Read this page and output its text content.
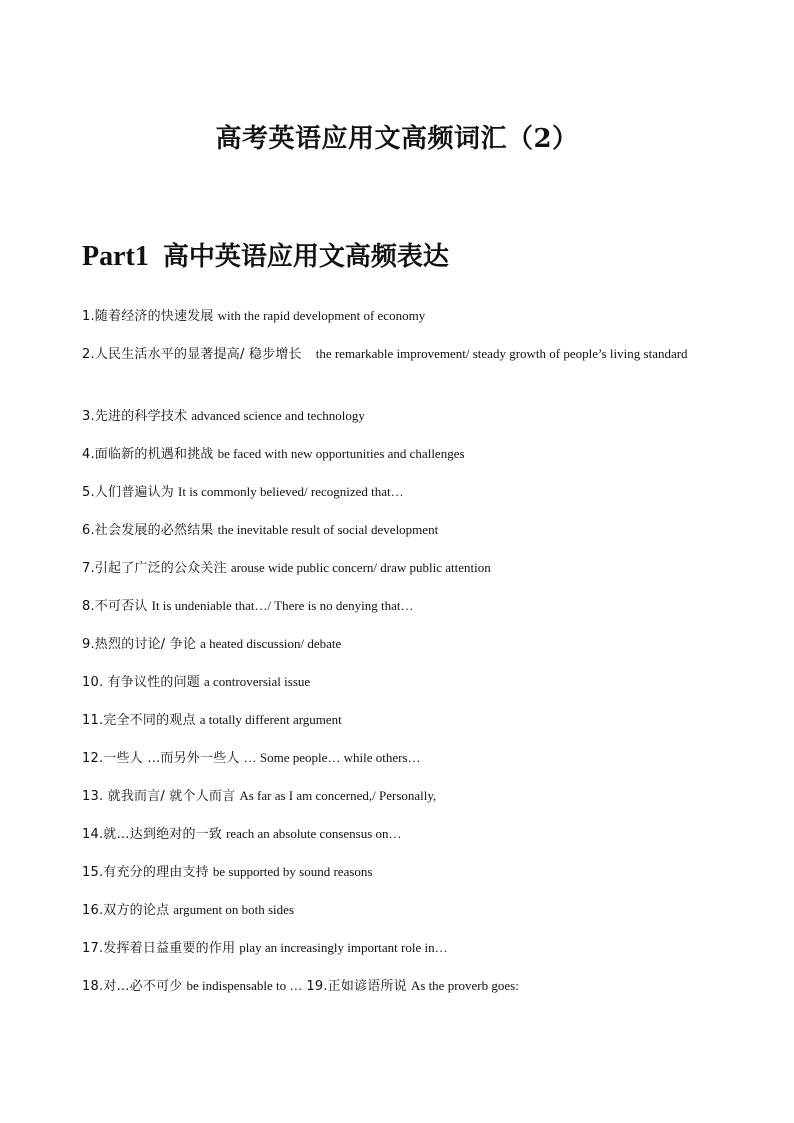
高考英语应用文高频词汇（2）
Part1 高中英语应用文高频表达
1.随着经济的快速发展 with the rapid development of economy
2.人民生活水平的显著提高/ 稳步增长 the remarkable improvement/ steady growth of people’s living standard
3.先进的科学技术 advanced science and technology
4.面临新的机遇和挑战 be faced with new opportunities and challenges
5.人们普遍认为 It is commonly believed/ recognized that…
6.社会发展的必然结果 the inevitable result of social development
7.引起了广泛的公众关注 arouse wide public concern/ draw public attention
8.不可否认 It is undeniable that…/ There is no denying that…
9.热烈的讨论/ 争论 a heated discussion/ debate
10. 有争议性的问题 a controversial issue
11.完全不同的观点 a totally different argument
12.一些人 …而另外一些人 … Some people… while others…
13. 就我而言/ 就个人而言 As far as I am concerned,/ Personally,
14.就…达到绝对的一致 reach an absolute consensus on…
15.有充分的理由支持 be supported by sound reasons
16.双方的论点 argument on both sides
17.发挥着日益重要的作用 play an increasingly important role in…
18.对…必不可少 be indispensable to … 19.正如谚语所说 As the proverb goes:
